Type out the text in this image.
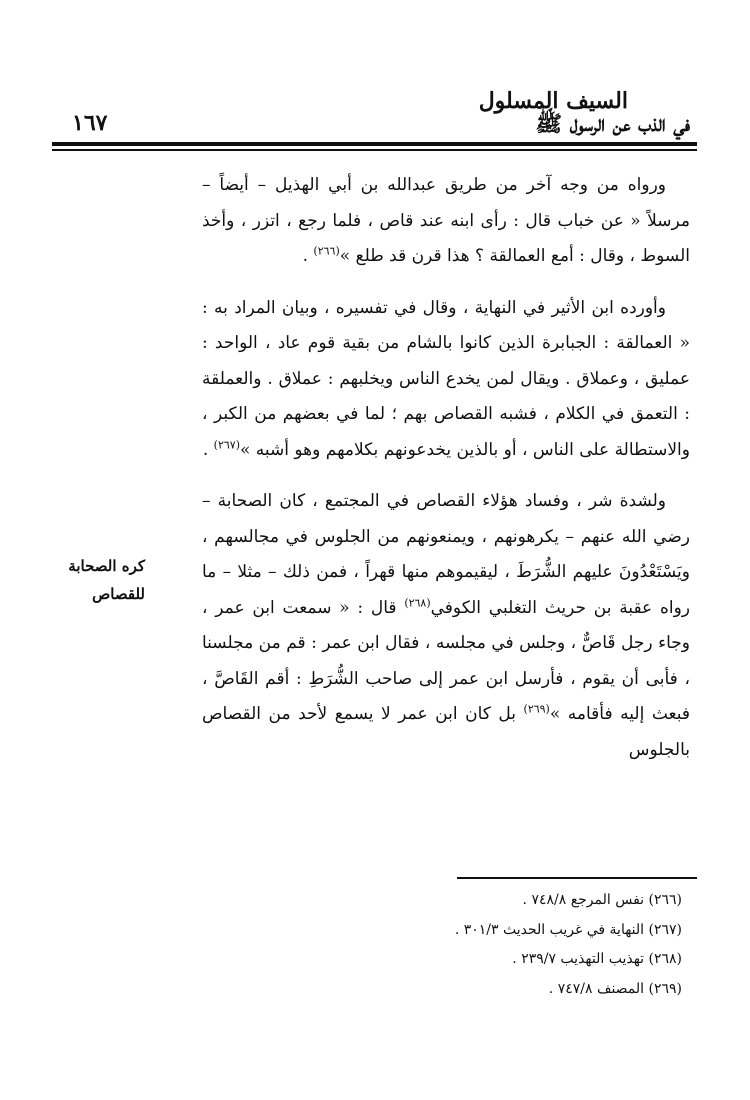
١٦٧
السيف المسلول
في الذب عن الرسول ﷺ

ورواه من وجه آخر من طريق عبدالله بن أبي الهذيل – أيضاً – مرسلاً « عن خباب قال : رأى ابنه عند قاص ، فلما رجع ، اتزر ، وأخذ السوط ، وقال : أمع العمالقة ؟ هذا قرن قد طلع »$^{(٢٦٦)}$ .

وأورده ابن الأثير في النهاية ، وقال في تفسيره ، وبيان المراد به : « العمالقة : الجبابرة الذين كانوا بالشام من بقية قوم عاد ، الواحد : عمليق ، وعملاق . ويقال لمن يخدع الناس ويخلبهم : عملاق . والعملقة : التعمق في الكلام ، فشبه القصاص بهم ؛ لما في بعضهم من الكبر ، والاستطالة على الناس ، أو بالذين يخدعونهم بكلامهم وهو أشبه »$^{(٢٦٧)}$ .

ولشدة شر ، وفساد هؤلاء القصاص في المجتمع ، كان الصحابة – رضي الله عنهم – يكرهونهم ، ويمنعونهم من الجلوس في مجالسهم ، ويَسْتَعْدُونَ عليهم الشُّرَطَ ، ليقيموهم منها قهراً ، فمن ذلك – مثلا – ما رواه عقبة بن حريث التغلبي الكوفي$^{(٢٦٨)}$ قال : « سمعت ابن عمر ، وجاء رجل قَاصٌّ ، وجلس في مجلسه ، فقال ابن عمر : قم من مجلسنا ، فأبى أن يقوم ، فأرسل ابن عمر إلى صاحب الشُّرَطِ : أقم القَاصَّ ، فبعث إليه فأقامه »$^{(٢٦٩)}$ بل كان ابن عمر لا يسمع لأحد من القصاص بالجلوس

كره الصحابة
للقصاص
(٢٦٦) نفس المرجع ٧٤٨/٨ .
(٢٦٧) النهاية في غريب الحديث ٣٠١/٣ .
(٢٦٨) تهذيب التهذيب ٢٣٩/٧ .
(٢٦٩) المصنف ٧٤٧/٨ .
